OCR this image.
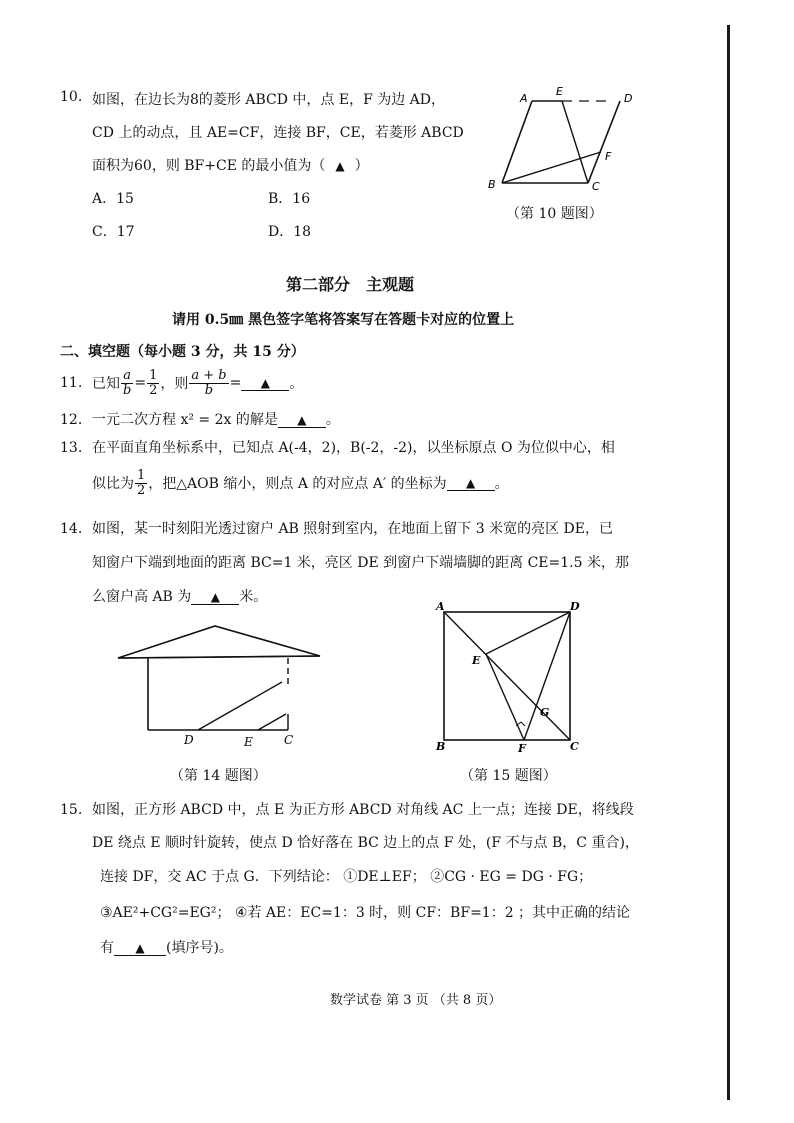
10. 如图，在边长为8的菱形 ABCD 中，点 E，F 为边 AD，
CD 上的动点，且 AE=CF，连接 BF，CE，若菱形 ABCD
面积为60，则 BF+CE 的最小值为（ ▲ ）
A．15	B．16
C．17	D．18
A
E
D
F
B	C
（第 10 题图）
第二部分　主观题
请用 0.5㎜ 黑色签字笔将答案写在答题卡对应的位置上
二、填空题（每小题 3 分，共 15 分）
11. 已知 $\frac{a}{b} = \frac{1}{2}$ ，则 $\frac{a + b}{b}$ =	▲	。
12. 一元二次方程 x² = 2x 的解是 ▲ 。
13. 在平面直角坐标系中，已知点 A(-4，2)，B(-2，-2)，以坐标原点 O 为位似中心，相
似比为 $\frac{1}{2}$ ，把△AOB 缩小，则点 A 的对应点 A′ 的坐标为	▲	。
14. 如图，某一时刻阳光透过窗户 AB 照射到室内，在地面上留下 3 米宽的亮区 DE，已
知窗户下端到地面的距离 BC=1 米，亮区 DE 到窗户下端墙脚的距离 CE=1.5 米，那
么窗户高 AB 为 ▲ 米。
D	E	C
（第 14 题图）
A	D
E
G
B	F	C
（第 15 题图）
15. 如图，正方形 ABCD 中，点 E 为正方形 ABCD 对角线 AC 上一点；连接 DE，将线段
DE 绕点 E 顺时针旋转，使点 D 恰好落在 BC 边上的点 F 处，(F 不与点 B，C 重合)，
连接 DF，交 AC 于点 G．下列结论： ①DE⊥EF； ②CG · EG = DG · FG；
③AE²+CG²=EG²； ④若 AE：EC=1：3 时，则 CF：BF=1：2 ；其中正确的结论
有 ▲ (填序号)。
数学试卷 第 3 页 （共 8 页）
